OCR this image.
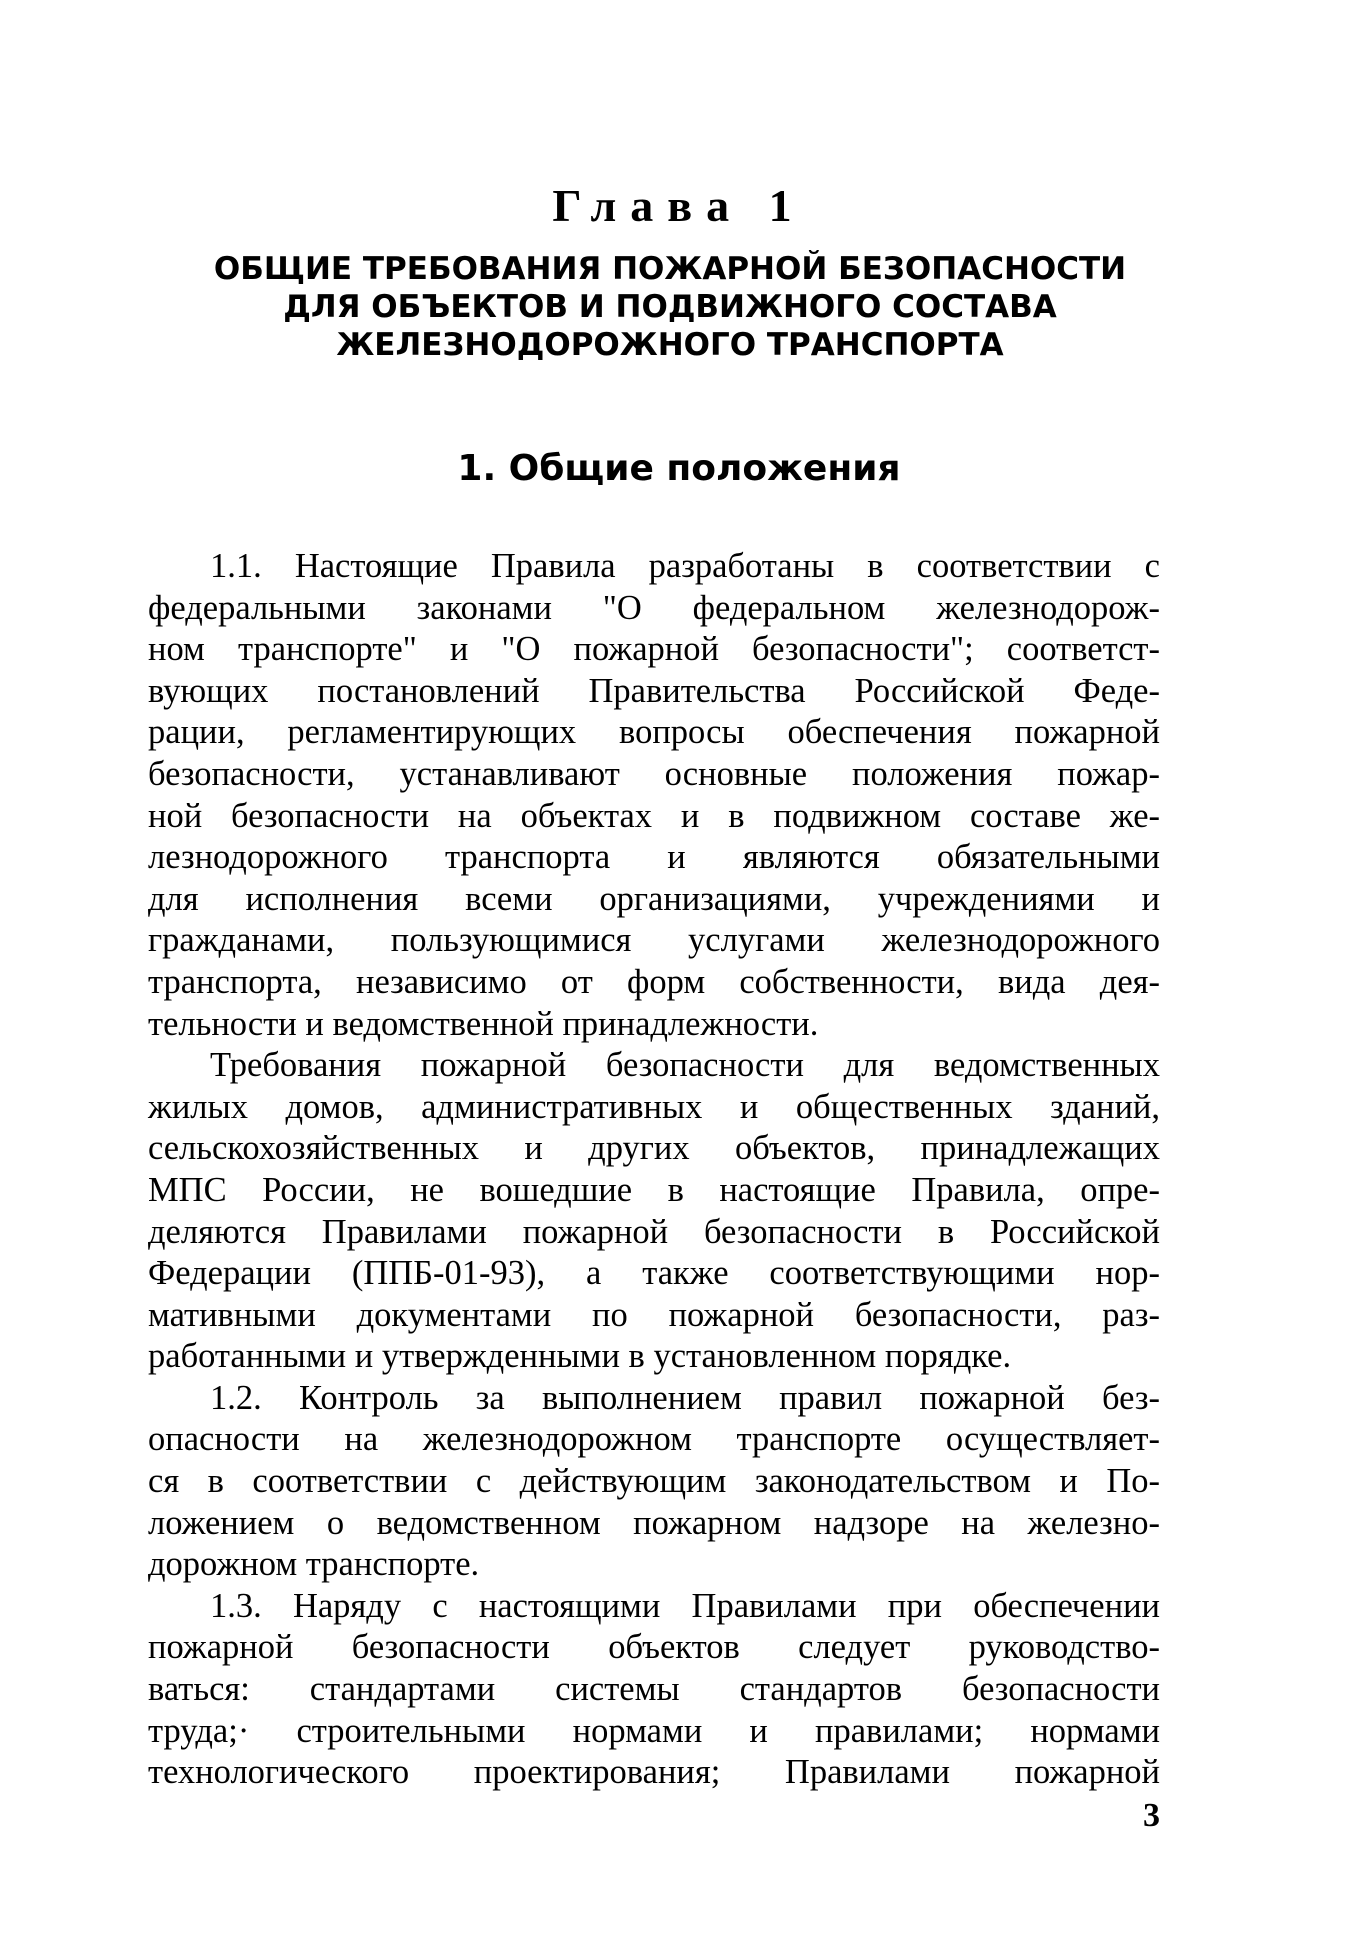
Глава 1
ОБЩИЕ ТРЕБОВАНИЯ ПОЖАРНОЙ БЕЗОПАСНОСТИ
ДЛЯ ОБЪЕКТОВ И ПОДВИЖНОГО СОСТАВА
ЖЕЛЕЗНОДОРОЖНОГО ТРАНСПОРТА
1. Общие положения
1.1. Настоящие Правила разработаны в соответствии с
федеральными законами "О федеральном железнодорож-
ном транспорте" и "О пожарной безопасности"; соответст-
вующих постановлений Правительства Российской Феде-
рации, регламентирующих вопросы обеспечения пожарной
безопасности, устанавливают основные положения пожар-
ной безопасности на объектах и в подвижном составе же-
лезнодорожного транспорта и являются обязательными
для исполнения всеми организациями, учреждениями и
гражданами, пользующимися услугами железнодорожного
транспорта, независимо от форм собственности, вида дея-
тельности и ведомственной принадлежности.
Требования пожарной безопасности для ведомственных
жилых домов, административных и общественных зданий,
сельскохозяйственных и других объектов, принадлежащих
МПС России, не вошедшие в настоящие Правила, опре-
деляются Правилами пожарной безопасности в Российской
Федерации (ППБ-01-93), а также соответствующими нор-
мативными документами по пожарной безопасности, раз-
работанными и утвержденными в установленном порядке.
1.2. Контроль за выполнением правил пожарной без-
опасности на железнодорожном транспорте осуществляет-
ся в соответствии с действующим законодательством и По-
ложением о ведомственном пожарном надзоре на железно-
дорожном транспорте.
1.3. Наряду с настоящими Правилами при обеспечении
пожарной безопасности объектов следует руководство-
ваться: стандартами системы стандартов безопасности
труда;· строительными нормами и правилами; нормами
технологического проектирования; Правилами пожарной
3
